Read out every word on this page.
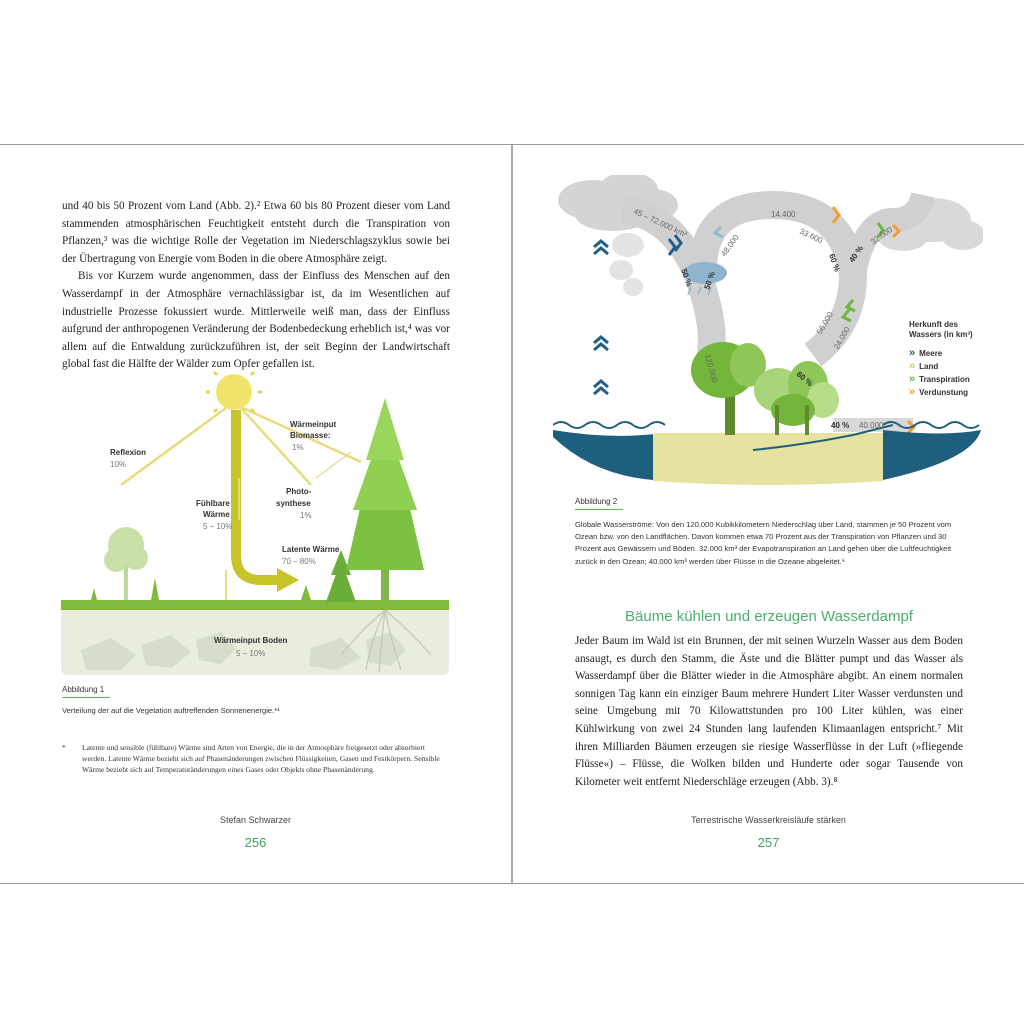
und 40 bis 50 Prozent vom Land (Abb. 2).² Etwa 60 bis 80 Prozent dieser vom Land stammenden atmosphärischen Feuchtigkeit entsteht durch die Transpiration von Pflanzen,³ was die wichtige Rolle der Vegetation im Niederschlagszyklus sowie bei der Übertragung von Energie vom Boden in die obere Atmosphäre zeigt.

Bis vor Kurzem wurde angenommen, dass der Einfluss des Menschen auf den Wasserdampf in der Atmosphäre vernachlässigbar ist, da im Wesentlichen auf industrielle Prozesse fokussiert wurde. Mittlerweile weiß man, dass der Einfluss aufgrund der anthropogenen Veränderung der Bodenbedeckung erheblich ist,⁴ was vor allem auf die Entwaldung zurückzuführen ist, der seit Beginn der Landwirtschaft global fast die Hälfte der Wälder zum Opfer gefallen ist.

Reflexion
10%
Wärmeinput
Biomasse:
1%
Fühlbare
Wärme
5 – 10%
Photo-
synthese
1%
Latente Wärme
70 – 80%
Wärmeinput Boden
5 – 10%
Abbildung 1
Verteilung der auf die Vegetation auftreffenden Sonnenenergie.*¹
*	Latente und sensible (fühlbare) Wärme sind Arten von Energie, die in der Atmosphäre freigesetzt oder absorbiert werden. Latente Wärme bezieht sich auf Phasenänderungen zwischen Flüssigkeiten, Gasen und Festkörpern. Sensible Wärme bezieht sich auf Temperaturänderungen eines Gases oder Objekts ohne Phasenänderung.
Stefan Schwarzer
256
45 – 72.000 km³
50 % 50 %
48.000
14.400
33.600
60 % 40 %
32.000
120.000
56.000
24.000
60 %
40 % 40.000
Herkunft des
Wassers (in km³)
» Meere
» Land
» Transpiration
» Verdunstung
Abbildung 2
Globale Wasserströme: Von den 120.000 Kubikkilometern Niederschlag über Land, stammen je 50 Prozent vom Ozean bzw. von den Landflächen. Davon kommen etwa 70 Prozent aus der Transpiration von Pflanzen und 30 Prozent aus Gewässern und Böden. 32.000 km³ der Evapotranspiration an Land gehen über die Luftfeuchtigkeit zurück in den Ozean; 40.000 km³ werden über Flüsse in die Ozeane abgeleitet.⁶
Bäume kühlen und erzeugen Wasserdampf

Jeder Baum im Wald ist ein Brunnen, der mit seinen Wurzeln Wasser aus dem Boden ansaugt, es durch den Stamm, die Äste und die Blätter pumpt und das Wasser als Wasserdampf über die Blätter wieder in die Atmosphäre abgibt. An einem normalen sonnigen Tag kann ein einziger Baum mehrere Hundert Liter Wasser verdunsten und seine Umgebung mit 70 Kilowattstunden pro 100 Liter kühlen, was einer Kühlwirkung von zwei 24 Stunden lang laufenden Klimaanlagen entspricht.⁷ Mit ihren Milliarden Bäumen erzeugen sie riesige Wasserflüsse in der Luft (»fliegende Flüsse«) – Flüsse, die Wolken bilden und Hunderte oder sogar Tausende von Kilometer weit entfernt Niederschläge erzeugen (Abb. 3).⁸

Terrestrische Wasserkreisläufe stärken
257
